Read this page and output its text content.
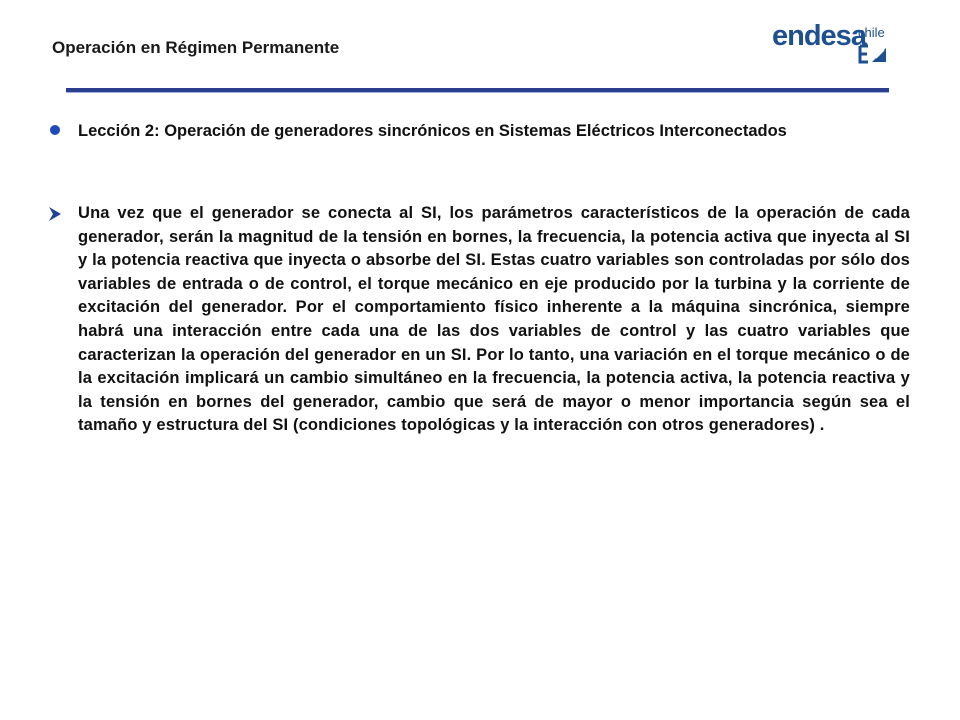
Operación en Régimen Permanente	endesa
chile
Lección 2: Operación de generadores sincrónicos en Sistemas Eléctricos Interconectados
Una vez que el generador se conecta al SI, los parámetros característicos de la operación de cada generador, serán la magnitud de la tensión en bornes, la frecuencia, la potencia activa que inyecta al SI y la potencia reactiva que inyecta o absorbe del SI. Estas cuatro variables son controladas por sólo dos variables de entrada o de control, el torque mecánico en eje producido por la turbina y la corriente de excitación del generador. Por el comportamiento físico inherente a la máquina sincrónica, siempre habrá una interacción entre cada una de las dos variables de control y las cuatro variables que caracterizan la operación del generador en un SI. Por lo tanto, una variación en el torque mecánico o de la excitación implicará un cambio simultáneo en la frecuencia, la potencia activa, la potencia reactiva y la tensión en bornes del generador, cambio que será de mayor o menor importancia según sea el tamaño y estructura del SI (condiciones topológicas y la interacción con otros generadores) .
